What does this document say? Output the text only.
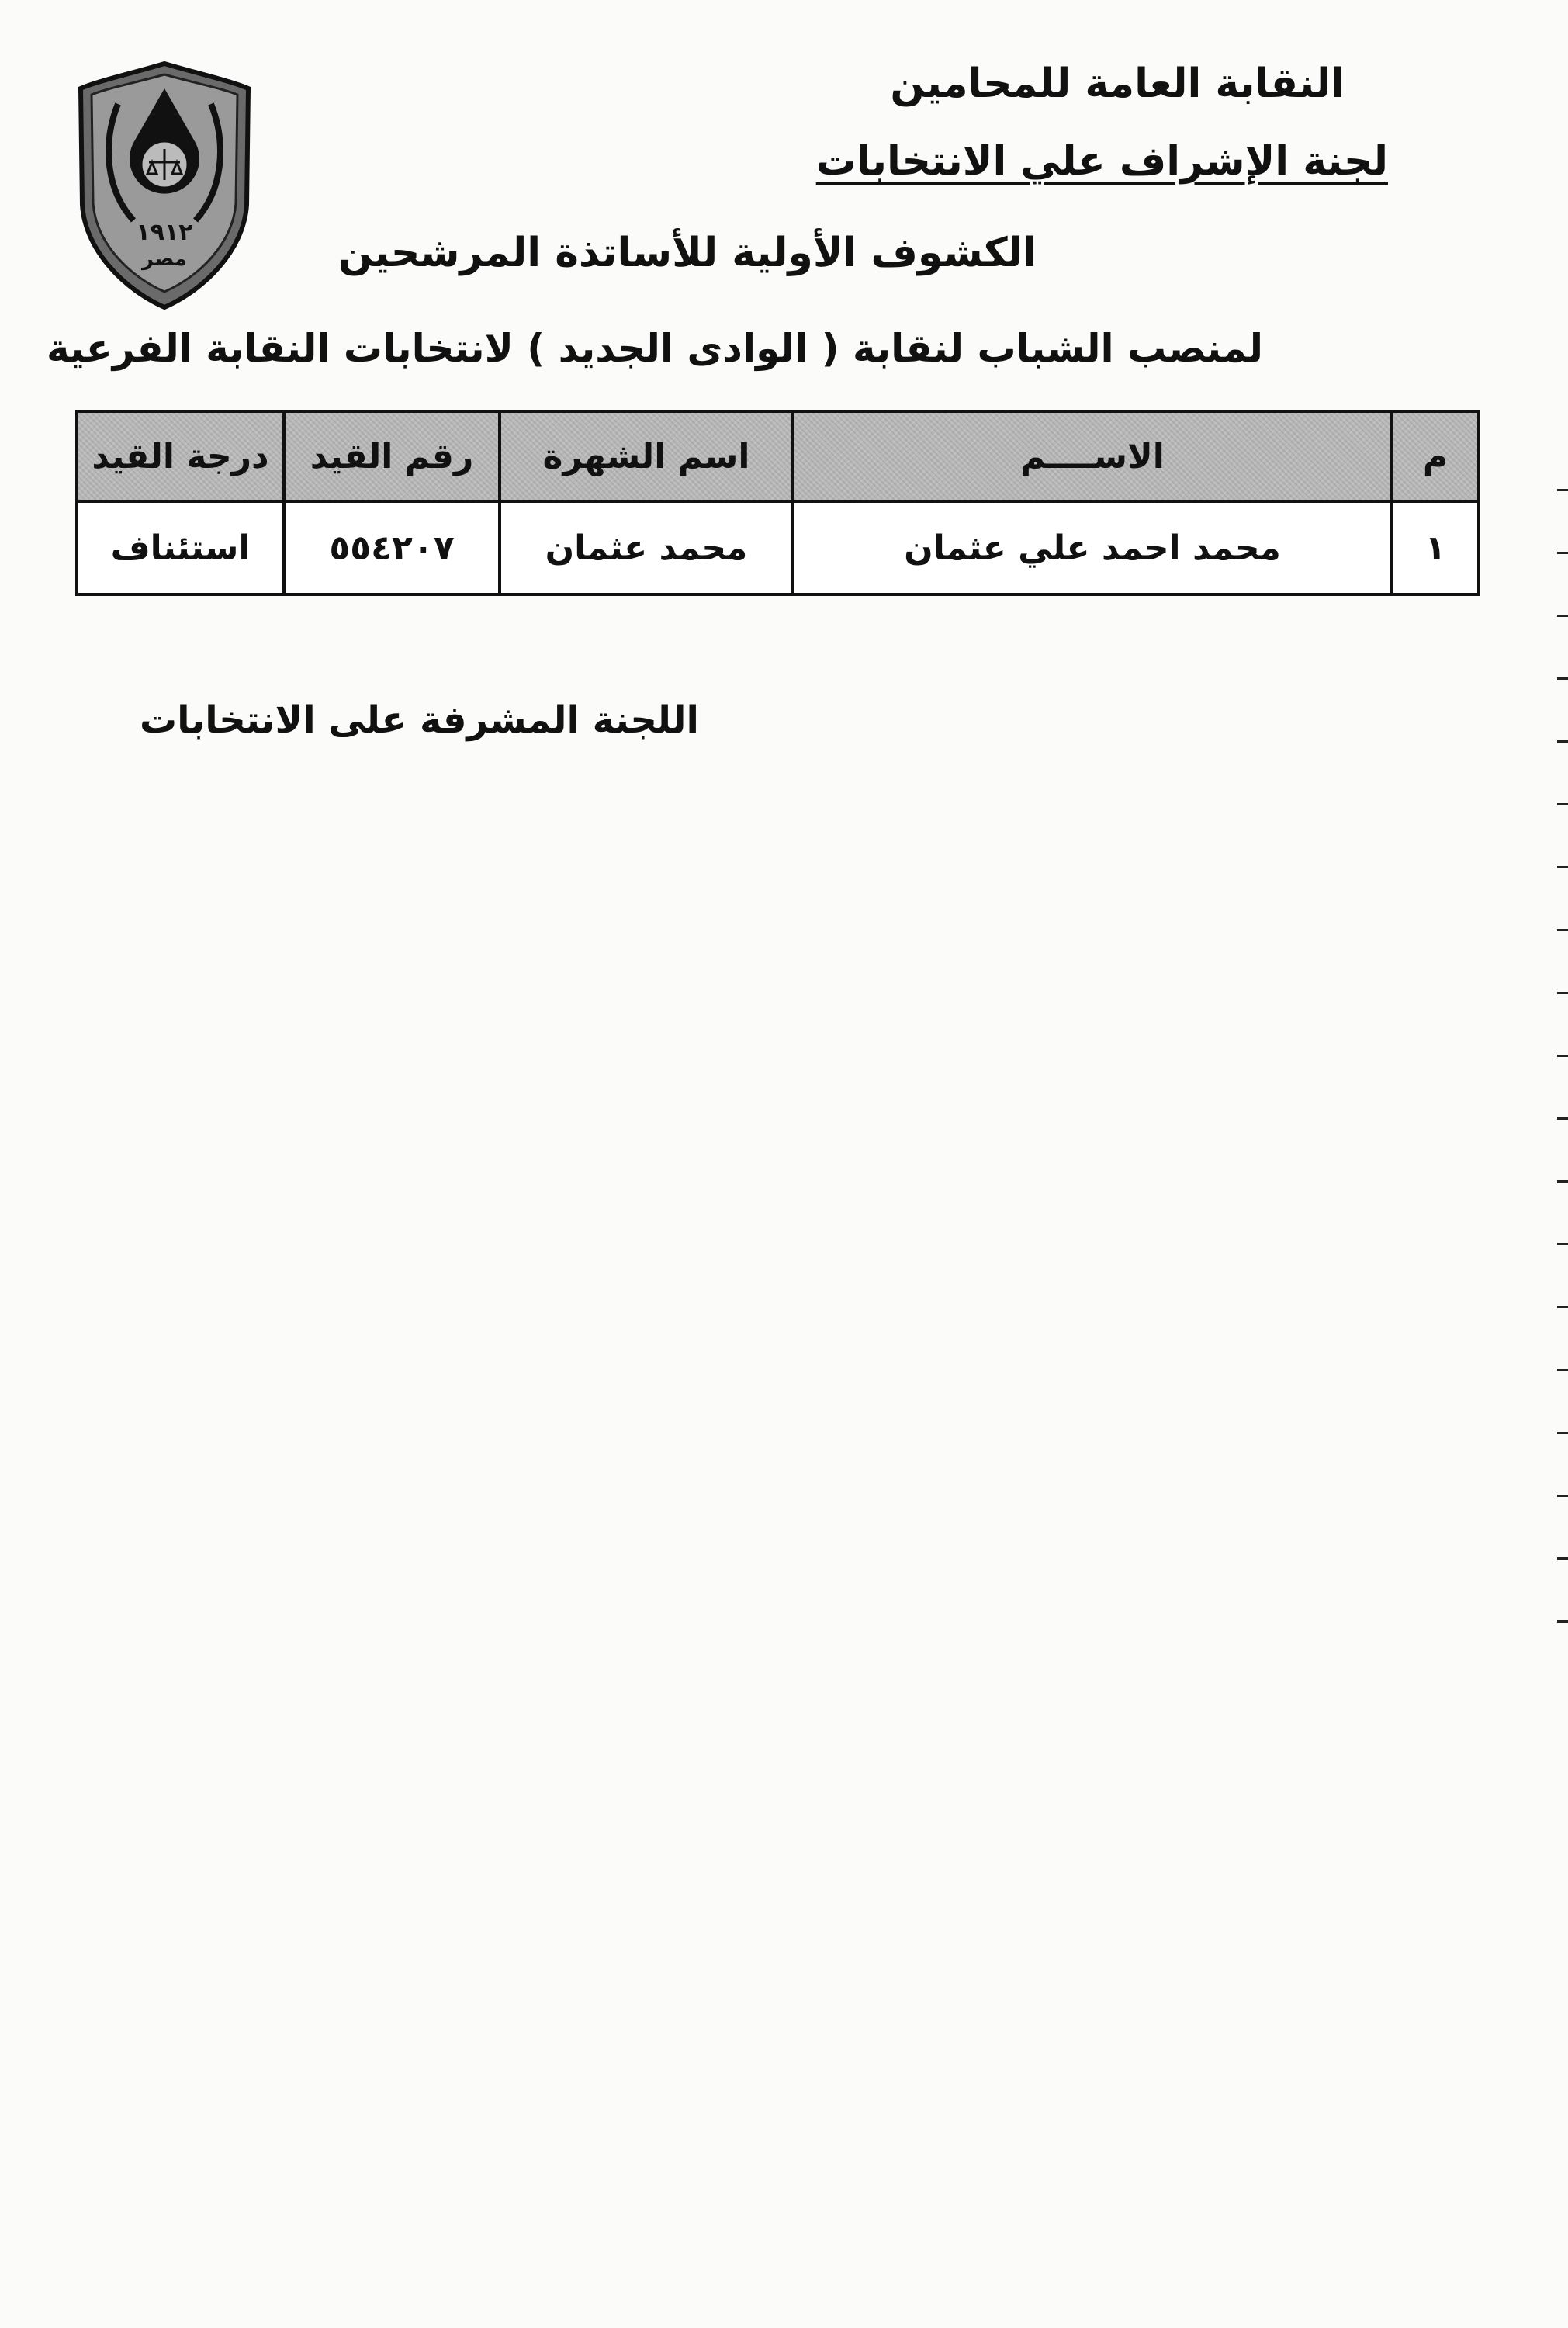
النقابة العامة للمحامين
لجنة الإشراف علي الانتخابات
الكشوف الأولية للأساتذة المرشحين
لمنصب الشباب لنقابة ( الوادى الجديد ) لانتخابات النقابة الفرعية
١٩١٢
مصر
م	الاســــم	اسم الشهرة	رقم القيد	درجة القيد
١	محمد احمد علي عثمان	محمد عثمان	٥٥٤٢٠٧	استئناف
اللجنة المشرفة على الانتخابات
